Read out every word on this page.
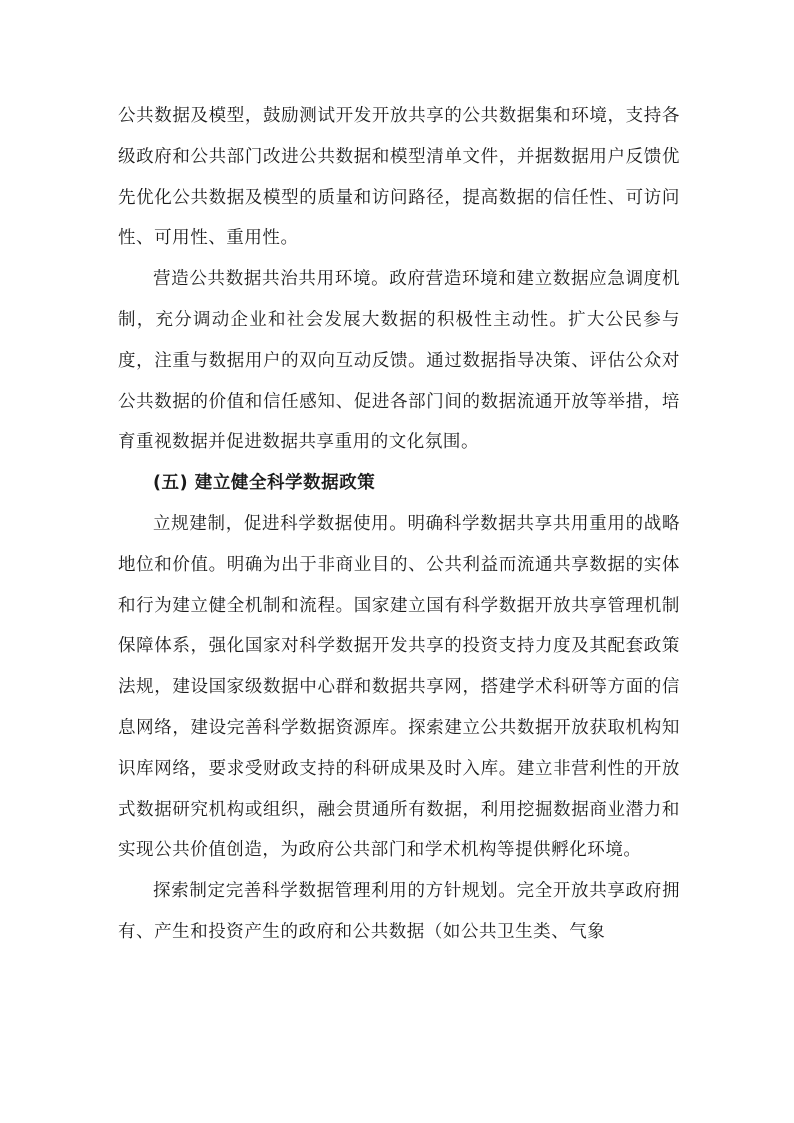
公共数据及模型，鼓励测试开发开放共享的公共数据集和环境，支持各级政府和公共部门改进公共数据和模型清单文件，并据数据用户反馈优先优化公共数据及模型的质量和访问路径，提高数据的信任性、可访问性、可用性、重用性。

营造公共数据共治共用环境。政府营造环境和建立数据应急调度机制，充分调动企业和社会发展大数据的积极性主动性。扩大公民参与度，注重与数据用户的双向互动反馈。通过数据指导决策、评估公众对公共数据的价值和信任感知、促进各部门间的数据流通开放等举措，培育重视数据并促进数据共享重用的文化氛围。

(五) 建立健全科学数据政策

立规建制，促进科学数据使用。明确科学数据共享共用重用的战略地位和价值。明确为出于非商业目的、公共利益而流通共享数据的实体和行为建立健全机制和流程。国家建立国有科学数据开放共享管理机制保障体系，强化国家对科学数据开发共享的投资支持力度及其配套政策法规，建设国家级数据中心群和数据共享网，搭建学术科研等方面的信息网络，建设完善科学数据资源库。探索建立公共数据开放获取机构知识库网络，要求受财政支持的科研成果及时入库。建立非营利性的开放式数据研究机构或组织，融会贯通所有数据，利用挖掘数据商业潜力和实现公共价值创造，为政府公共部门和学术机构等提供孵化环境。

探索制定完善科学数据管理利用的方针规划。完全开放共享政府拥有、产生和投资产生的政府和公共数据（如公共卫生类、气象
